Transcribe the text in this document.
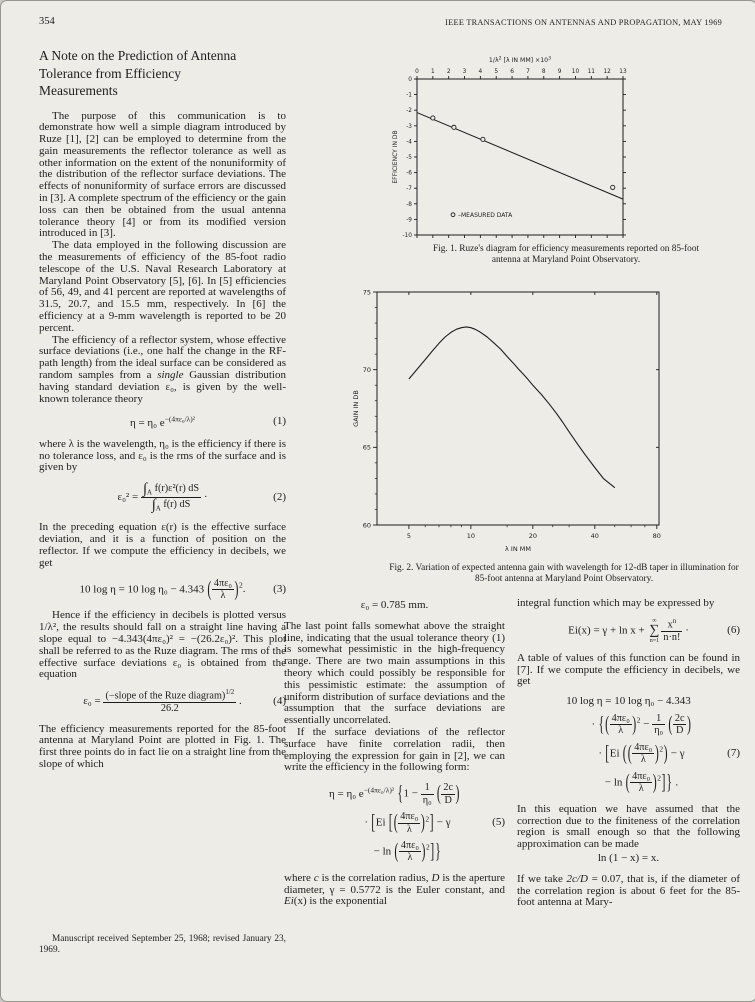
354	IEEE TRANSACTIONS ON ANTENNAS AND PROPAGATION, MAY 1969
A Note on the Prediction of Antenna Tolerance from Efficiency Measurements

The purpose of this communication is to demonstrate how well a simple diagram introduced by Ruze [1], [2] can be employed to determine from the gain measurements the reflector tolerance as well as other information on the extent of the nonuniformity of the distribution of the reflector surface deviations. The effects of nonuniformity of surface errors are discussed in [3]. A complete spectrum of the efficiency or the gain loss can then be obtained from the usual antenna tolerance theory [4] or from its modified version introduced in [3].

The data employed in the following discussion are the measurements of efficiency of the 85-foot radio telescope of the U.S. Naval Research Laboratory at Maryland Point Observatory [5], [6]. In [5] efficiencies of 56, 49, and 41 percent are reported at wavelengths of 31.5, 20.7, and 15.5 mm, respectively. In [6] the efficiency at a 9-mm wavelength is reported to be 20 percent.

The efficiency of a reflector system, whose effective surface deviations (i.e., one half the change in the RF-path length) from the ideal surface can be considered as random samples from a single Gaussian distribution having standard deviation ε₀, is given by the well-known tolerance theory

η = η₀ $e^{-(4\pi\varepsilon_0/\lambda)^2}$	(1)

where λ is the wavelength, η₀ is the efficiency if there is no tolerance loss, and ε₀ is the rms of the surface and is given by

$\varepsilon_0^2 = \frac{\int_A f(r)\varepsilon^2(r) dS}{\int_A f(r) dS}$ ·	(2)

In the preceding equation ε(r) is the effective surface deviation, and it is a function of position on the reflector. If we compute the efficiency in decibels, we get

10 log η = 10 log η₀ − 4.343 ( $\frac{\text{4πε₀}}{\lambda} )^2$.	(3)

Hence if the efficiency in decibels is plotted versus 1/λ², the results should fall on a straight line having a slope equal to −4.343(4πε₀)² = −(26.2ε₀)². This plot shall be referred to as the Ruze diagram. The rms of the effective surface deviations ε₀ is obtained from the equation

$\varepsilon_0 = \frac{(-slope of the Ruze diagram)^{1/2}}{26.2}$ .	(4)

The efficiency measurements reported for the 85-foot antenna at Maryland Point are plotted in Fig. 1. The first three points do in fact lie on a straight line from the slope of which

Manuscript received September 25, 1968; revised January 23, 1969.
0 1 2 3 4 5 6 7 8 9 10 11 12 13
0
-1
-2
-3
-4
-5
-6
-7
-8
-9
-10
$1/\lambda^2$ [λ IN $MM] \times 10^3$
EFFICIENCY IN DB
–MEASURED DATA
Fig. 1. Ruze's diagram for efficiency measurements reported on 85-foot antenna at Maryland Point Observatory.
5	10	20	40	80
60
65
70
75
λ IN MM
GAIN IN DB
Fig. 2. Variation of expected antenna gain with wavelength for 12-dB taper in illumination for 85-foot antenna at Maryland Point Observatory.
ε₀ = 0.785 mm.

The last point falls somewhat above the straight line, indicating that the usual tolerance theory (1) is somewhat pessimistic in the high-frequency range. There are two main assumptions in this theory which could possibly be responsible for this pessimistic estimate: the assumption of uniform distribution of surface deviations and the assumption that the surface deviations are essentially uncorrelated.

If the surface deviations of the reflector surface have finite correlation radii, then employing the expression for gain in [2], we can write the efficiency in the following form:

η = η₀ $e^{-(4\pi\varepsilon_0/\lambda)^2}$ {$1 - \frac{1}{\text{η₀}}$ ( $\frac{2c}{D}$ )
· [Ei [( $\frac{\text{4πε₀}}{\lambda} )^2] - \gamma$	(5)
− ln ( $\frac{\text{4πε₀}}{\lambda} )^2$]}

where c is the correlation radius, D is the aperture diameter, γ = 0.5772 is the Euler constant, and Ei(x) is the exponential

integral function which may be expressed by

Ei(x) = γ + ln x +
∞
∑
$n=1 \frac{x^n}{n\cdot n!}$ ·	(6)

A table of values of this function can be found in [7]. If we compute the efficiency in decibels, we get

10 log η = 10 log η₀ − 4.343
· {( $\frac{\text{4πε₀}}{\lambda} )^2 - \frac{1}{\text{η₀}}$ ( $\frac{2c}{D}$ )
· [Ei (( $\frac{\text{4πε₀}}{\lambda} )^2) - \gamma$	(7)
− ln ( $\frac{\text{4πε₀}}{\lambda} )^2$]} .

In this equation we have assumed that the correction due to the finiteness of the correlation region is small enough so that the following approximation can be made

ln (1 − x) = x.

If we take 2c/D = 0.07, that is, if the diameter of the correlation region is about 6 feet for the 85-foot antenna at Mary-
